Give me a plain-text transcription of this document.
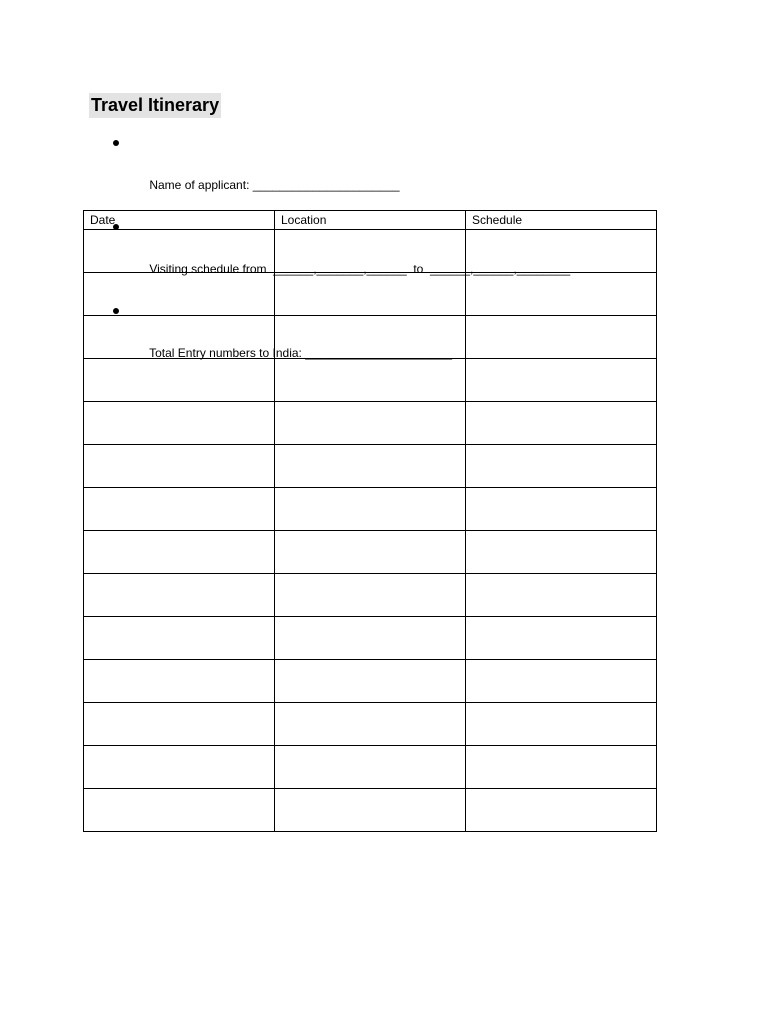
Travel Itinerary

Name of applicant: ______________________

Visiting schedule from  ______,_______,______  to  ______,______,________

Total Entry numbers to India: ______________________

Date	Location	Schedule
